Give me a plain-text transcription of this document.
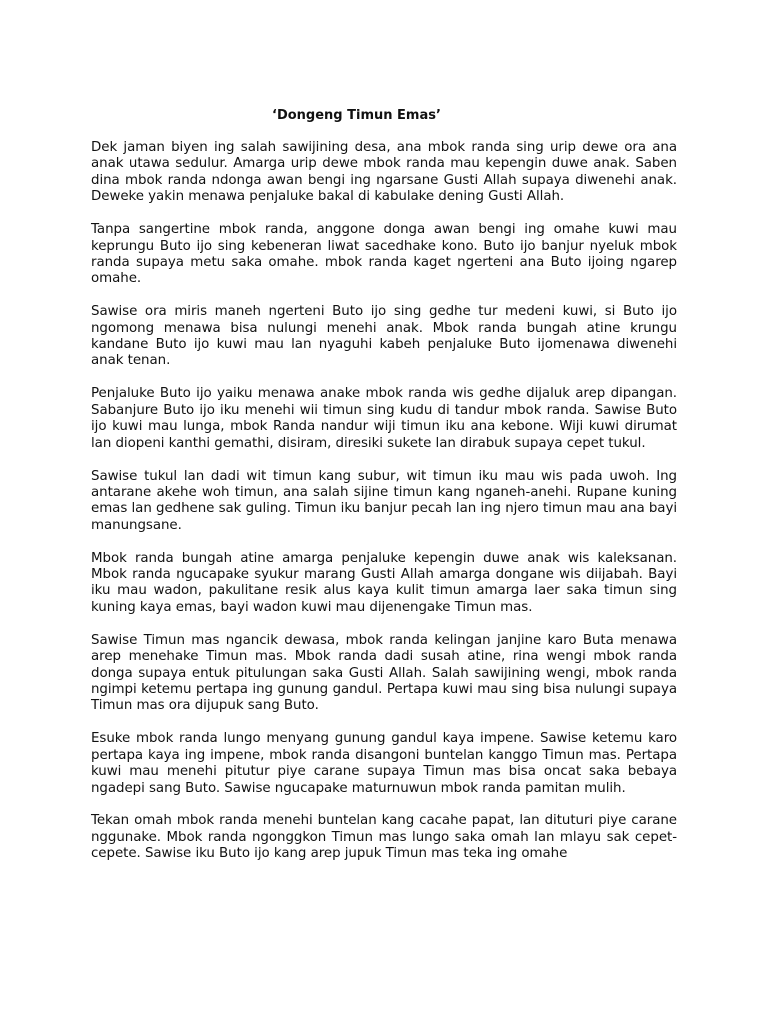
‘Dongeng Timun Emas’

Dek jaman biyen ing salah sawijining desa, ana mbok randa sing urip dewe ora ana anak utawa sedulur. Amarga urip dewe mbok randa mau kepengin duwe anak. Saben dina mbok randa ndonga awan bengi ing ngarsane Gusti Allah supaya diwenehi anak. Deweke yakin menawa penjaluke bakal di kabulake dening Gusti Allah.

Tanpa sangertine mbok randa, anggone donga awan bengi ing omahe kuwi mau keprungu Buto ijo sing kebeneran liwat sacedhake kono. Buto ijo banjur nyeluk mbok randa supaya metu saka omahe. mbok randa kaget ngerteni ana Buto ijoing ngarep omahe.

Sawise ora miris maneh ngerteni Buto ijo sing gedhe tur medeni kuwi, si Buto ijo ngomong menawa bisa nulungi menehi anak. Mbok randa bungah atine krungu kandane Buto ijo kuwi mau lan nyaguhi kabeh penjaluke Buto ijomenawa diwenehi anak tenan.

Penjaluke Buto ijo yaiku menawa anake mbok randa wis gedhe dijaluk arep dipangan. Sabanjure Buto ijo iku menehi wii timun sing kudu di tandur mbok randa. Sawise Buto ijo kuwi mau lunga, mbok Randa nandur wiji timun iku ana kebone. Wiji kuwi dirumat lan diopeni kanthi gemathi, disiram, diresiki sukete lan dirabuk supaya cepet tukul.

Sawise tukul lan dadi wit timun kang subur, wit timun iku mau wis pada uwoh. Ing antarane akehe woh timun, ana salah sijine timun kang nganeh-anehi. Rupane kuning emas lan gedhene sak guling. Timun iku banjur pecah lan ing njero timun mau ana bayi manungsane.

Mbok randa bungah atine amarga penjaluke kepengin duwe anak wis kaleksanan. Mbok randa ngucapake syukur marang Gusti Allah amarga dongane wis diijabah. Bayi iku mau wadon, pakulitane resik alus kaya kulit timun amarga laer saka timun sing kuning kaya emas, bayi wadon kuwi mau dijenengake Timun mas.

Sawise Timun mas ngancik dewasa, mbok randa kelingan janjine karo Buta menawa arep menehake Timun mas. Mbok randa dadi susah atine, rina wengi mbok randa donga supaya entuk pitulungan saka Gusti Allah. Salah sawijining wengi, mbok randa ngimpi ketemu pertapa ing gunung gandul. Pertapa kuwi mau sing bisa nulungi supaya Timun mas ora dijupuk sang Buto.

Esuke mbok randa lungo menyang gunung gandul kaya impene. Sawise ketemu karo pertapa kaya ing impene, mbok randa disangoni buntelan kanggo Timun mas. Pertapa kuwi mau menehi pitutur piye carane supaya Timun mas bisa oncat saka bebaya ngadepi sang Buto. Sawise ngucapake maturnuwun mbok randa pamitan mulih.

Tekan omah mbok randa menehi buntelan kang cacahe papat, lan dituturi piye carane nggunake. Mbok randa ngonggkon Timun mas lungo saka omah lan mlayu sak cepet-cepete. Sawise iku Buto ijo kang arep jupuk Timun mas teka ing omahe
